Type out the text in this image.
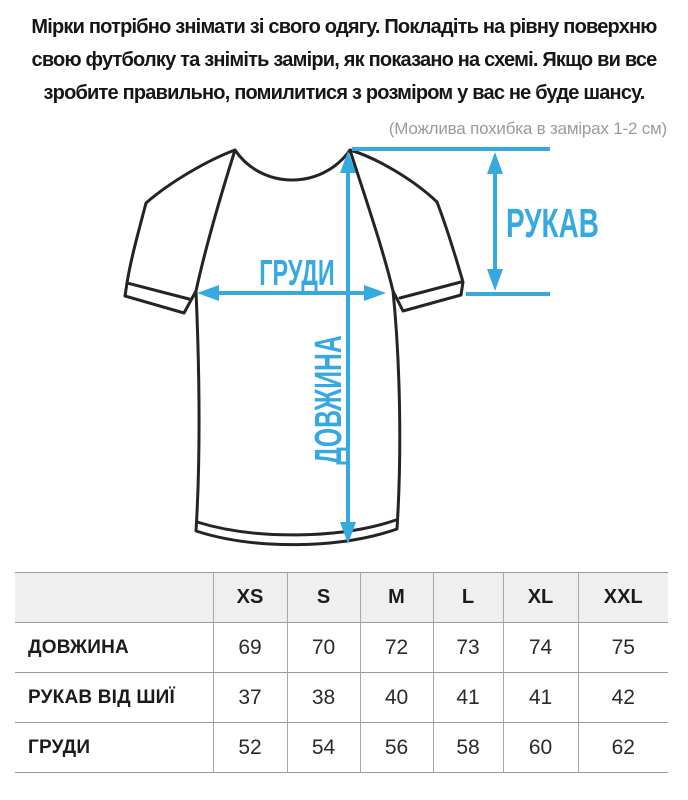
Мірки потрібно знімати зі свого одягу. Покладіть на рівну поверхню
свою футболку та зніміть заміри, як показано на схемі. Якщо ви все
зробите правильно, помилитися з розміром у вас не буде шансу.
(Можлива похибка в замірах 1-2 см)
РУКАВ
ГРУДИ
ДОВЖИНА
	XS	S	M	L	XL	XXL
ДОВЖИНА	69	70	72	73	74	75
РУКАВ ВІД ШИЇ	37	38	40	41	41	42
ГРУДИ	52	54	56	58	60	62
